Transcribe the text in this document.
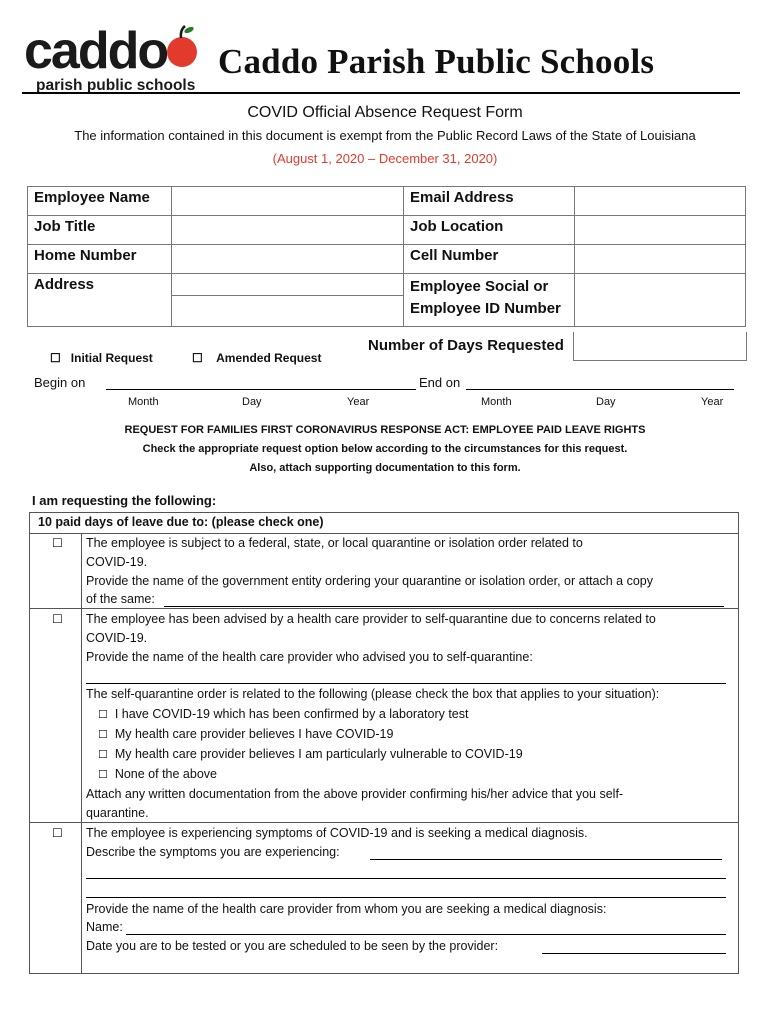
caddo
parish public schools
Caddo Parish Public Schools
COVID Official Absence Request Form
The information contained in this document is exempt from the Public Record Laws of the State of Louisiana
(August 1, 2020 – December 31, 2020)
Employee Name		Email Address	
Job Title		Job Location	
Home Number		Cell Number	
Address		Employee Social or
Employee ID Number	

☐ Initial Request	☐ Amended Request
Number of Days Requested
Begin on	End on
Month	Day	Year	Month	Day	Year
REQUEST FOR FAMILIES FIRST CORONAVIRUS RESPONSE ACT: EMPLOYEE PAID LEAVE RIGHTS
Check the appropriate request option below according to the circumstances for this request.
Also, attach supporting documentation to this form.
I am requesting the following:
10 paid days of leave due to: (please check one)
☐ The employee is subject to a federal, state, or local quarantine or isolation order related to
COVID-19.
Provide the name of the government entity ordering your quarantine or isolation order, or attach a copy
of the same:
☐ The employee has been advised by a health care provider to self-quarantine due to concerns related to
COVID-19.
Provide the name of the health care provider who advised you to self-quarantine:
The self-quarantine order is related to the following (please check the box that applies to your situation):
☐ I have COVID-19 which has been confirmed by a laboratory test
☐ My health care provider believes I have COVID-19
☐ My health care provider believes I am particularly vulnerable to COVID-19
☐ None of the above
Attach any written documentation from the above provider confirming his/her advice that you self-
quarantine.
☐ The employee is experiencing symptoms of COVID-19 and is seeking a medical diagnosis.
Describe the symptoms you are experiencing:
Provide the name of the health care provider from whom you are seeking a medical diagnosis:
Name:
Date you are to be tested or you are scheduled to be seen by the provider:
